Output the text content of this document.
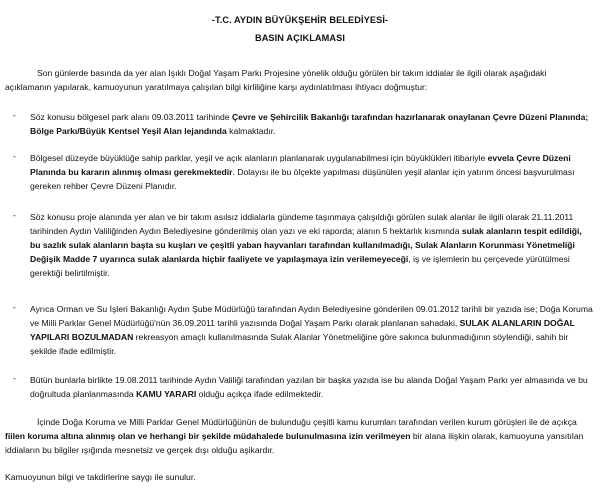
-T.C. AYDIN BÜYÜKŞEHİR BELEDİYESİ-
BASIN AÇIKLAMASI

Son günlerde basında da yer alan Işıklı Doğal Yaşam Parkı Projesine yönelik olduğu görülen bir takım iddialar ile ilgili olarak aşağıdaki açıklamanın yapılarak, kamuoyunun yaratılmaya çalışılan bilgi kirliliğine karşı aydınlatılması ihtiyacı doğmuştur:

- Söz konusu bölgesel park alanı 09.03.2011 tarihinde Çevre ve Şehircilik Bakanlığı tarafından hazırlanarak onaylanan Çevre Düzeni Planında; Bölge Parkı/Büyük Kentsel Yeşil Alan lejandında kalmaktadır.

- Bölgesel düzeyde büyüklüğe sahip parklar, yeşil ve açık alanların planlanarak uygulanabilmesi için büyüklükleri itibariyle evvela Çevre Düzeni Planında bu kararın alınmış olması gerekmektedir. Dolayısı ile bu ölçekte yapılması düşünülen yeşil alanlar için yatırım öncesi başvurulması gereken rehber Çevre Düzeni Planıdır.

- Söz konusu proje alanında yer alan ve bir takım asılsız iddialarla gündeme taşınmaya çalışıldığı görülen sulak alanlar ile ilgili olarak 21.11.2011 tarihinden Aydın Valiliğinden Aydın Belediyesine gönderilmiş olan yazı ve eki raporda; alanın 5 hektarlık kısmında sulak alanların tespit edildiği, bu sazlık sulak alanların başta su kuşları ve çeşitli yaban hayvanları tarafından kullanılmadığı, Sulak Alanların Korunması Yönetmeliği Değişik Madde 7 uyarınca sulak alanlarda hiçbir faaliyete ve yapılaşmaya izin verilemeyeceği, iş ve işlemlerin bu çerçevede yürütülmesi gerektiği belirtilmiştir.

- Ayrıca Orman ve Su İşleri Bakanlığı Aydın Şube Müdürlüğü tarafından Aydın Belediyesine gönderilen 09.01.2012 tarihli bir yazıda ise; Doğa Koruma ve Milli Parklar Genel Müdürlüğü'nün 36.09.2011 tarihli yazısında Doğal Yaşam Parkı olarak planlanan sahadaki, SULAK ALANLARIN DOĞAL YAPILARI BOZULMADAN rekreasyon amaçlı kullanılmasında Sulak Alanlar Yönetmeliğine göre sakınca bulunmadığının söylendiği, sahih bir şekilde ifade edilmiştir.

- Bütün bunlarla birlikte 19.08.2011 tarihinde Aydın Valiliği tarafından yazılan bir başka yazıda ise bu alanda Doğal Yaşam Parkı yer almasında ve bu doğrultuda planlanmasında KAMU YARARI olduğu açıkça ifade edilmektedir.

İçinde Doğa Koruma ve Milli Parklar Genel Müdürlüğünün de bulunduğu çeşitli kamu kurumları tarafından verilen kurum görüşleri ile de açıkça fiilen koruma altına alınmış olan ve herhangi bir şekilde müdahalede bulunulmasına izin verilmeyen bir alana ilişkin olarak, kamuoyuna yansıtılan iddiaların bu bilgiler ışığında mesnetsiz ve gerçek dışı olduğu aşikardır.

Kamuoyunun bilgi ve takdirlerine saygı ile sunulur.
